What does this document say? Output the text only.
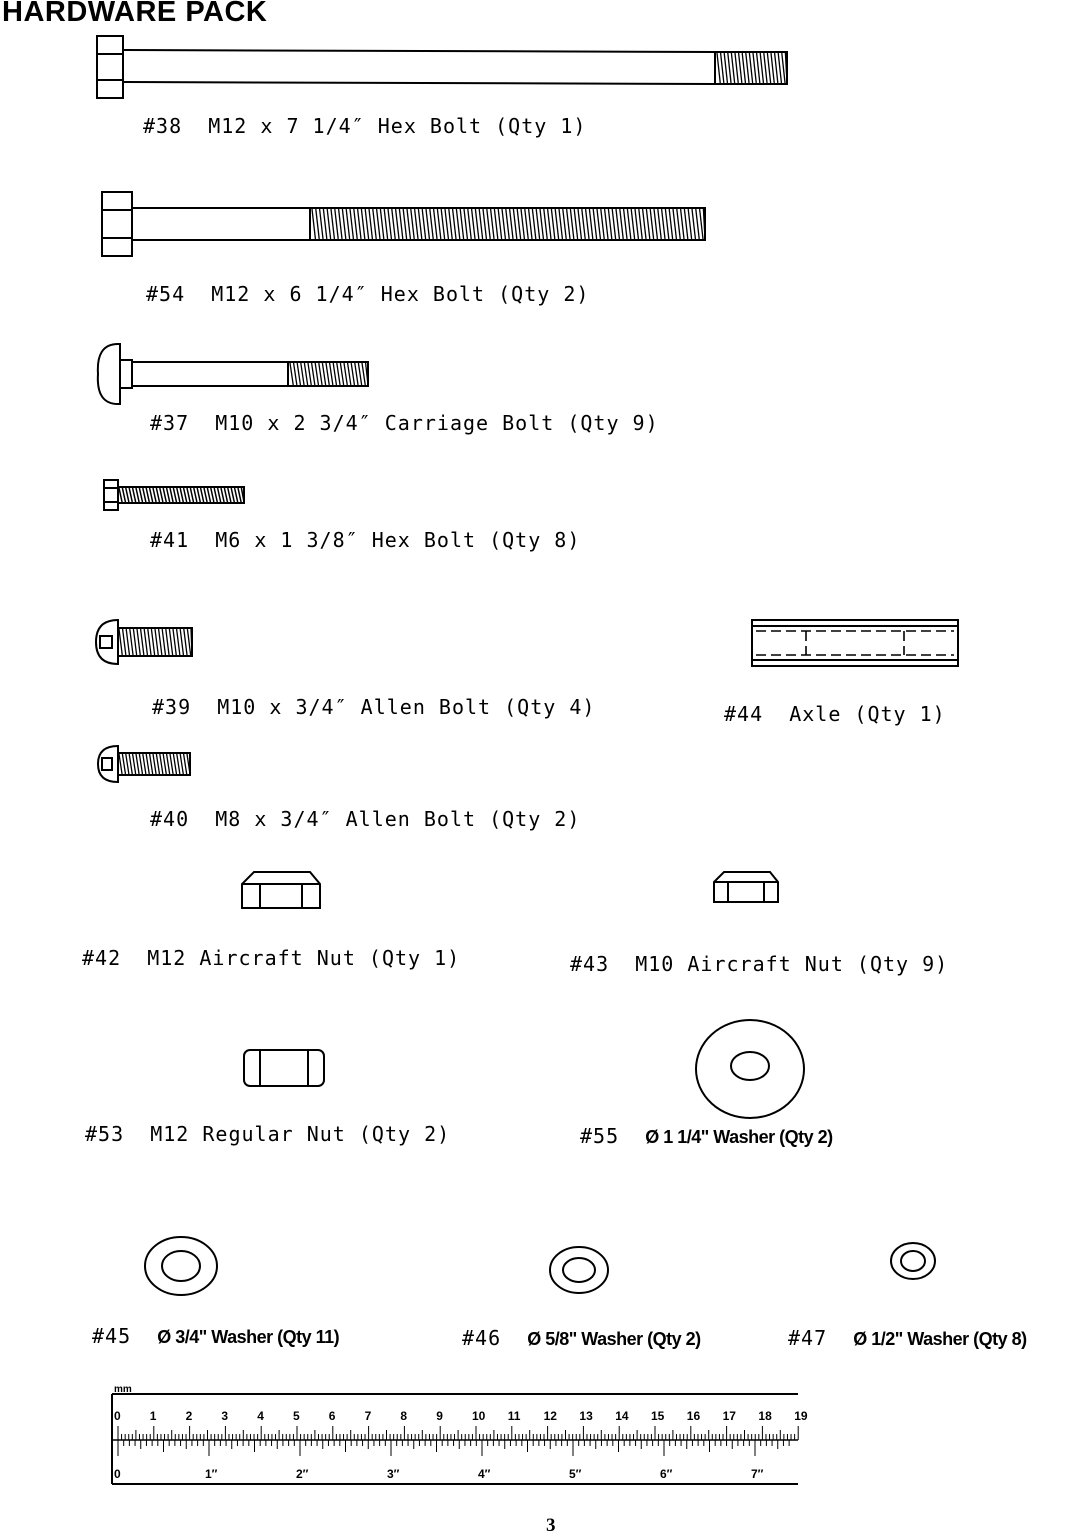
HARDWARE PACK
#38 M12 x 7 1/4″ Hex Bolt (Qty 1)
#54 M12 x 6 1/4″ Hex Bolt (Qty 2)
#37 M10 x 2 3/4″ Carriage Bolt (Qty 9)
#41 M6 x 1 3/8″ Hex Bolt (Qty 8)
#39 M10 x 3/4″ Allen Bolt (Qty 4)	#44 Axle (Qty 1)
#40 M8 x 3/4″ Allen Bolt (Qty 2)
#42 M12 Aircraft Nut (Qty 1)	#43 M10 Aircraft Nut (Qty 9)
#53 M12 Regular Nut (Qty 2)	#55 Ø 1 1/4" Washer (Qty 2)
#45 Ø 3/4" Washer (Qty 11)	#46 Ø 5/8" Washer (Qty 2)	#47 Ø 1/2" Washer (Qty 8)
mm
0 1 2 3 4 5 6 7 8 9 10 11 12 13 14 15 16 17 18 19
0	1″	2″	3″	4″	5″	6″	7″
3
